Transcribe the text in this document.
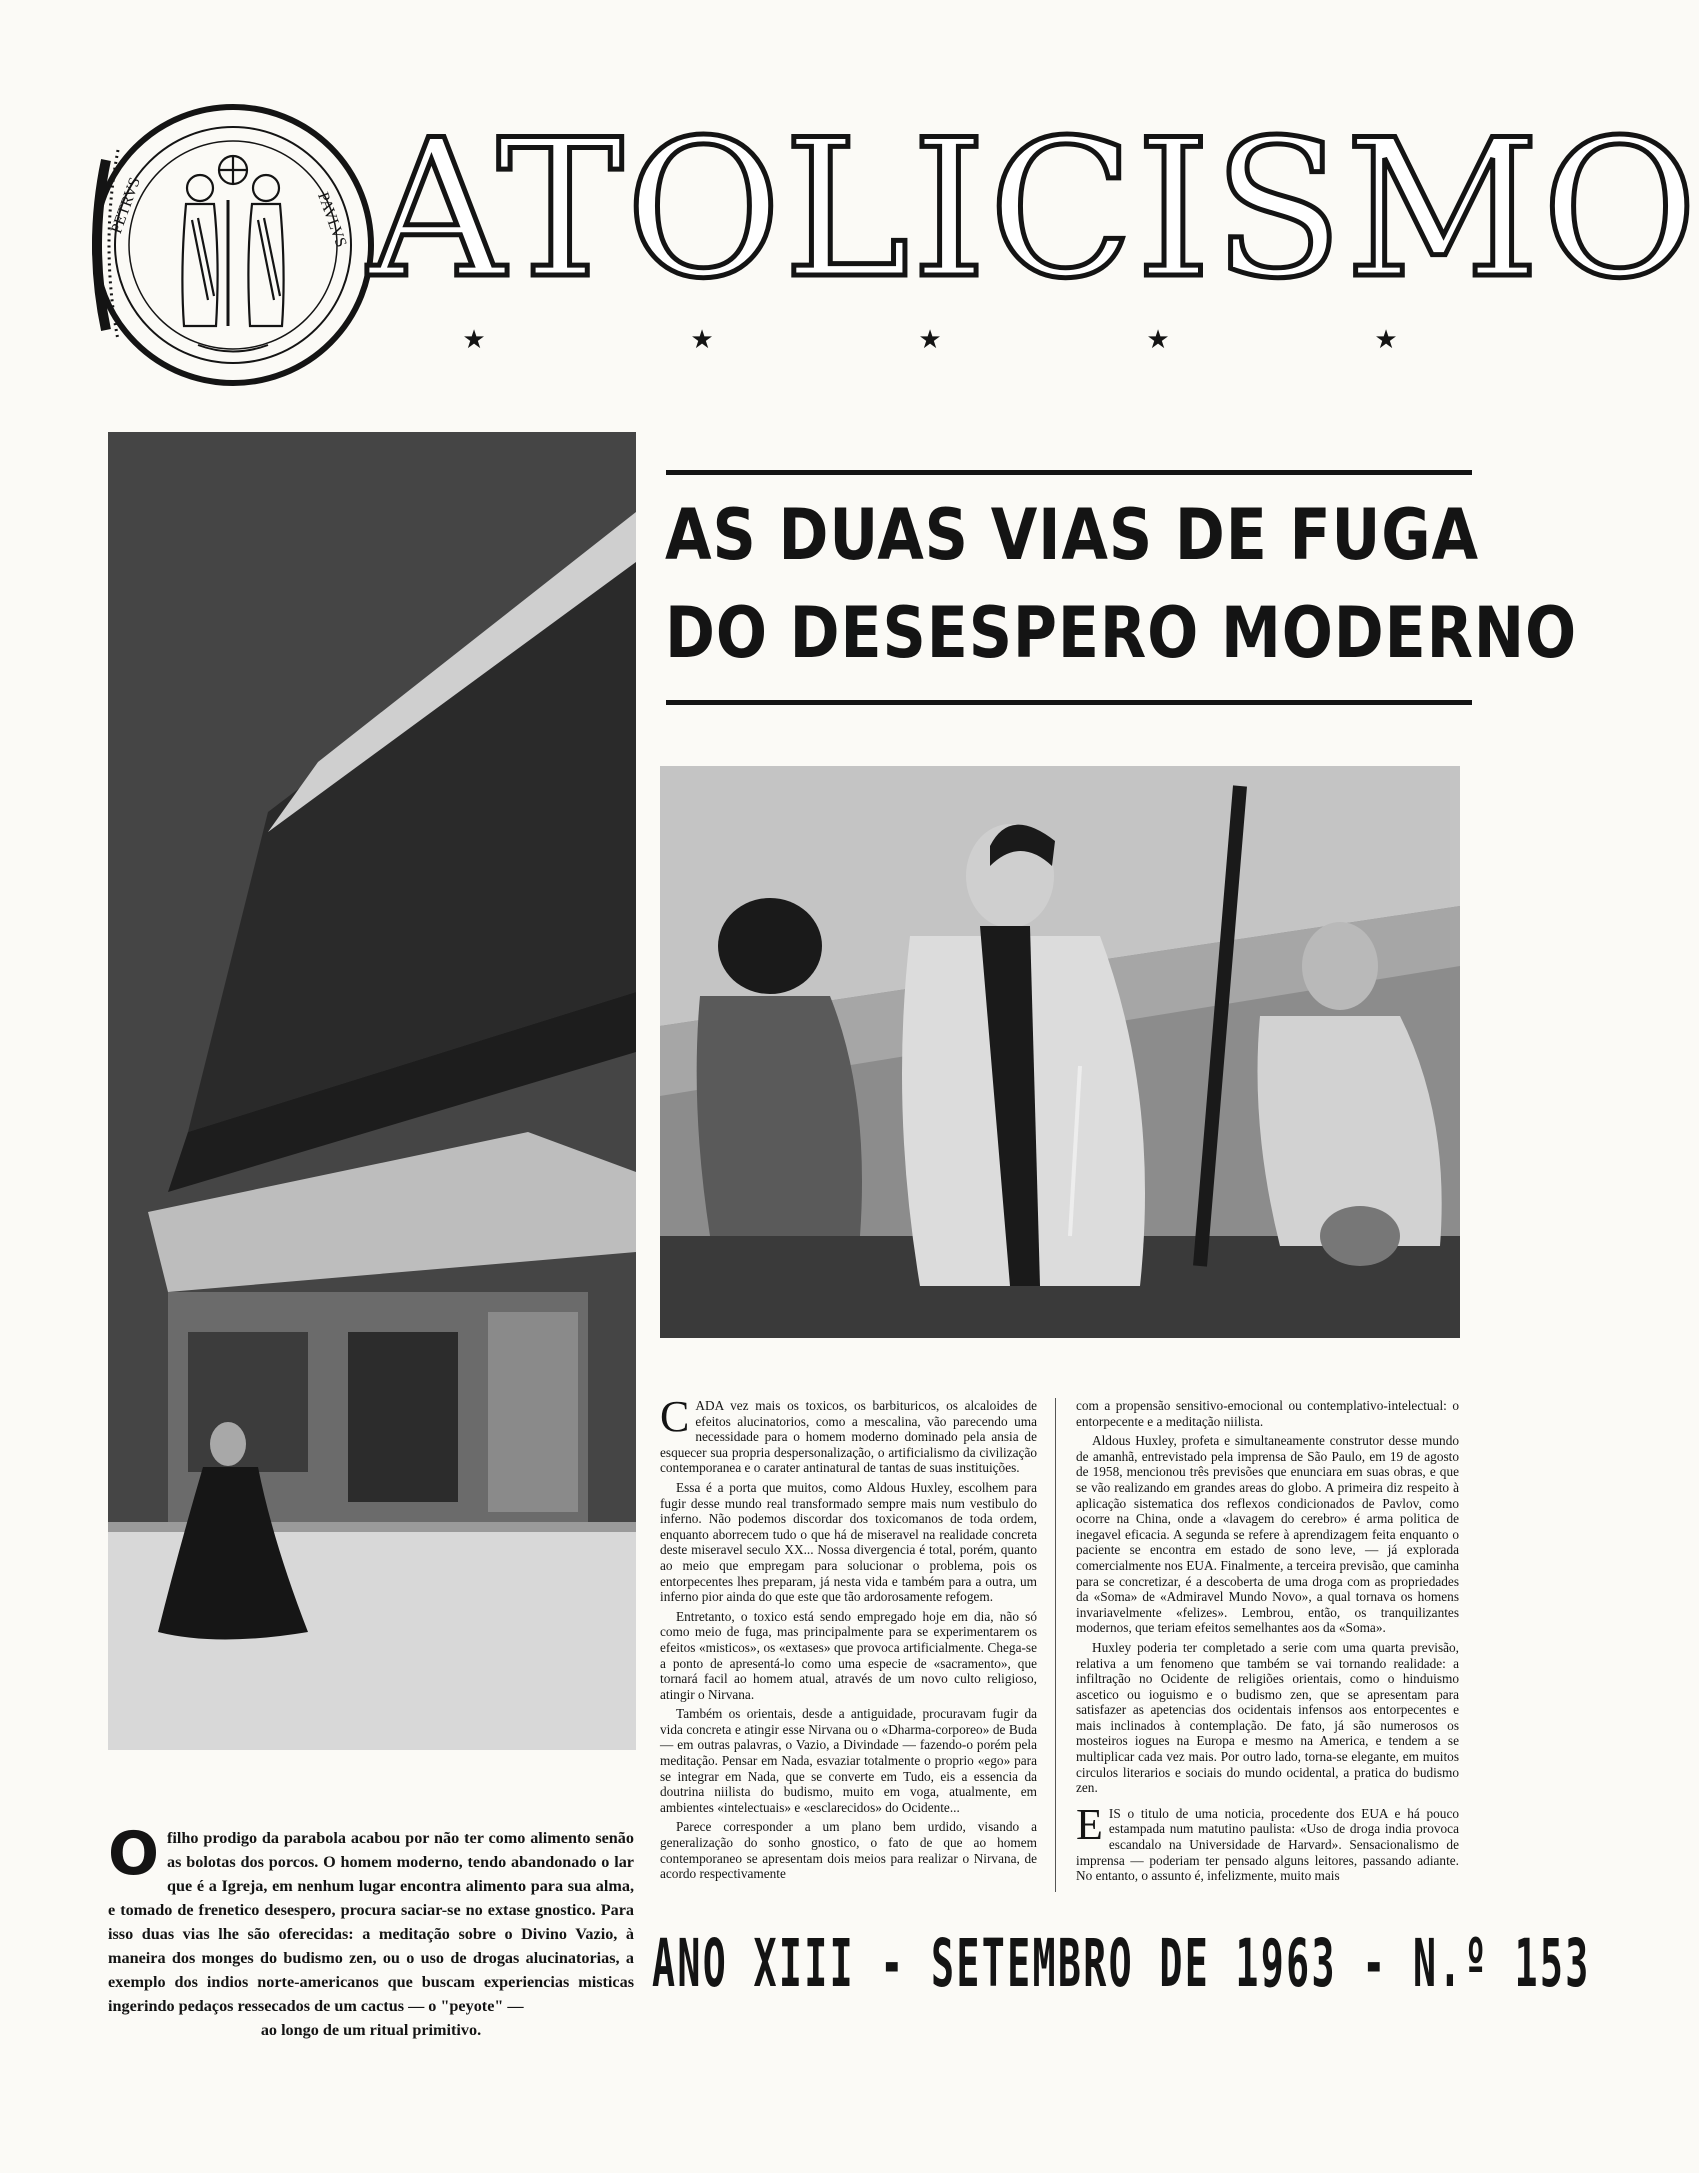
PETRVS	PAVLVS ATOLICISMO
★	★	★	★	★
AS DUAS VIAS DE FUGA
DO DESESPERO MODERNO
O filho prodigo da parabola acabou por não ter como alimento senão as bolotas dos porcos. O homem moderno, tendo abandonado o lar que é a Igreja, em nenhum lugar encontra alimento para sua alma, e tomado de frenetico desespero, procura saciar-se no extase gnostico. Para isso duas vias lhe são oferecidas: a meditação sobre o Divino Vazio, à maneira dos monges do budismo zen, ou o uso de drogas alucinatorias, a exemplo dos indios norte-americanos que buscam experiencias misticas ingerindo pedaços ressecados de um cactus — o "peyote" —
ao longo de um ritual primitivo.

CADA vez mais os toxicos, os barbituricos, os alcaloides de efeitos alucinatorios, como a mescalina, vão parecendo uma necessidade para o homem moderno dominado pela ansia de esquecer sua propria despersonalização, o artificialismo da civilização contemporanea e o carater antinatural de tantas de suas instituições.

Essa é a porta que muitos, como Aldous Huxley, escolhem para fugir desse mundo real transformado sempre mais num vestibulo do inferno. Não podemos discordar dos toxicomanos de toda ordem, enquanto aborrecem tudo o que há de miseravel na realidade concreta deste miseravel seculo XX... Nossa divergencia é total, porém, quanto ao meio que empregam para solucionar o problema, pois os entorpecentes lhes preparam, já nesta vida e também para a outra, um inferno pior ainda do que este que tão ardorosamente refogem.

Entretanto, o toxico está sendo empregado hoje em dia, não só como meio de fuga, mas principalmente para se experimentarem os efeitos «misticos», os «extases» que provoca artificialmente. Chega-se a ponto de apresentá-lo como uma especie de «sacramento», que tornará facil ao homem atual, através de um novo culto religioso, atingir o Nirvana.

Também os orientais, desde a antiguidade, procuravam fugir da vida concreta e atingir esse Nirvana ou o «Dharma-corporeo» de Buda — em outras palavras, o Vazio, a Divindade — fazendo-o porém pela meditação. Pensar em Nada, esvaziar totalmente o proprio «ego» para se integrar em Nada, que se converte em Tudo, eis a essencia da doutrina niilista do budismo, muito em voga, atualmente, em ambientes «intelectuais» e «esclarecidos» do Ocidente...

Parece corresponder a um plano bem urdido, visando a generalização do sonho gnostico, o fato de que ao homem contemporaneo se apresentam dois meios para realizar o Nirvana, de acordo respectivamente

com a propensão sensitivo-emocional ou contemplativo-intelectual: o entorpecente e a meditação niilista.

Aldous Huxley, profeta e simultaneamente construtor desse mundo de amanhã, entrevistado pela imprensa de São Paulo, em 19 de agosto de 1958, mencionou três previsões que enunciara em suas obras, e que se vão realizando em grandes areas do globo. A primeira diz respeito à aplicação sistematica dos reflexos condicionados de Pavlov, como ocorre na China, onde a «lavagem do cerebro» é arma politica de inegavel eficacia. A segunda se refere à aprendizagem feita enquanto o paciente se encontra em estado de sono leve, — já explorada comercialmente nos EUA. Finalmente, a terceira previsão, que caminha para se concretizar, é a descoberta de uma droga com as propriedades da «Soma» de «Admiravel Mundo Novo», a qual tornava os homens invariavelmente «felizes». Lembrou, então, os tranquilizantes modernos, que teriam efeitos semelhantes aos da «Soma».

Huxley poderia ter completado a serie com uma quarta previsão, relativa a um fenomeno que também se vai tornando realidade: a infiltração no Ocidente de religiões orientais, como o hinduismo ascetico ou ioguismo e o budismo zen, que se apresentam para satisfazer as apetencias dos ocidentais infensos aos entorpecentes e mais inclinados à contemplação. De fato, já são numerosos os mosteiros iogues na Europa e mesmo na America, e tendem a se multiplicar cada vez mais. Por outro lado, torna-se elegante, em muitos circulos literarios e sociais do mundo ocidental, a pratica do budismo zen.

EIS o titulo de uma noticia, procedente dos EUA e há pouco estampada num matutino paulista: «Uso de droga india provoca escandalo na Universidade de Harvard». Sensacionalismo de imprensa — poderiam ter pensado alguns leitores, passando adiante. No entanto, o assunto é, infelizmente, muito mais

ANO XIII - SETEMBRO DE 1963 - N.º 153
